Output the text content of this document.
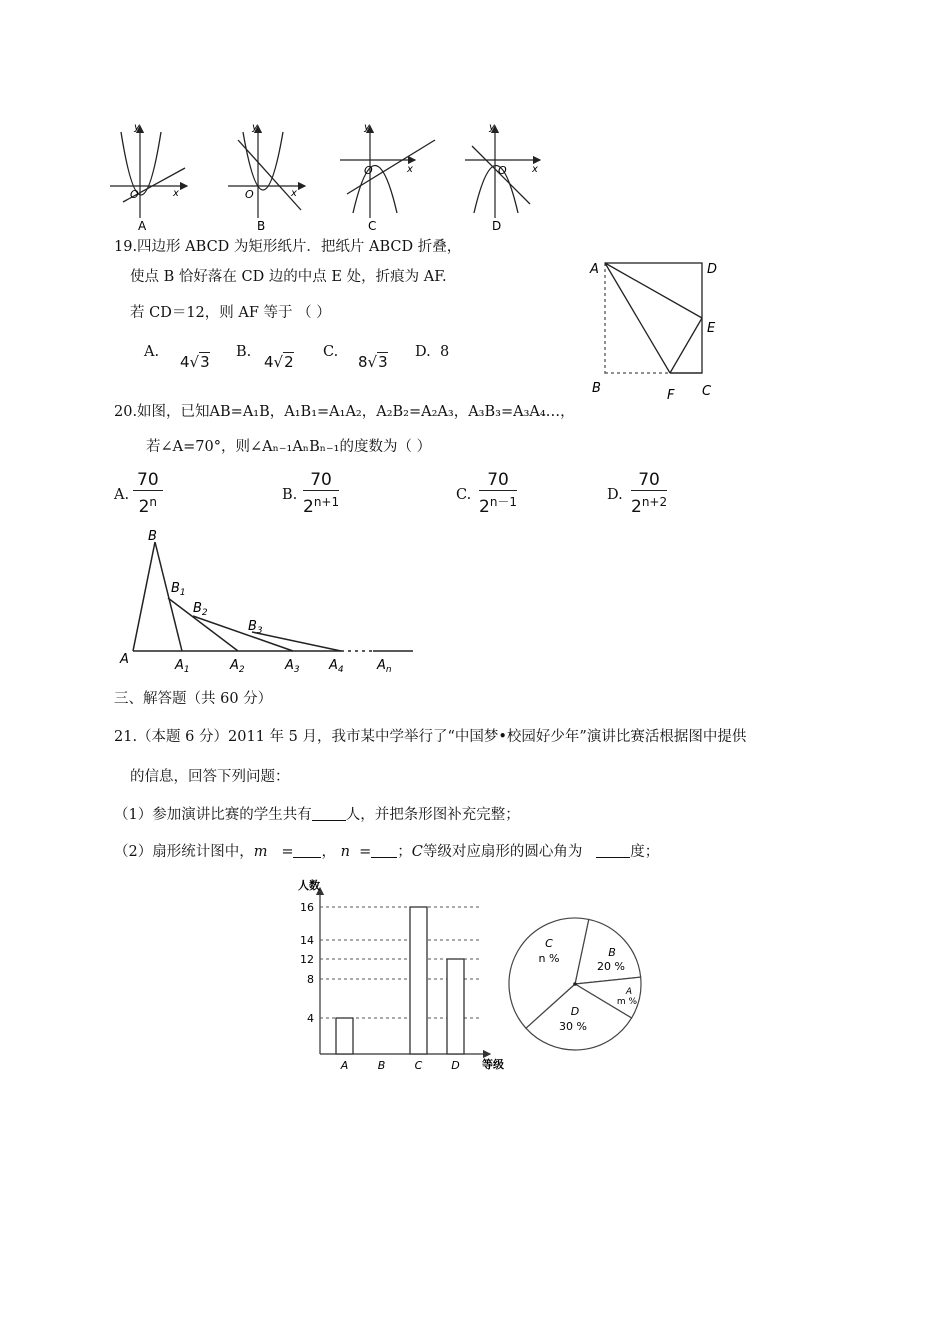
y
x
O
A
y
x
O
B
y
x
O
C
y
x
O
D
19.四边形 ABCD 为矩形纸片．把纸片 ABCD 折叠，
使点 B 恰好落在 CD 边的中点 E 处，折痕为 AF.
若 CD＝12，则 AF 等于 （ ）
A.
4√3
B.
4√2
C.
8√3
D. 8
A	D
E
B	F C
20.如图，已知AB=A₁B，A₁B₁=A₁A₂，A₂B₂=A₂A₃，A₃B₃=A₃A₄…，
若∠A=70°，则∠Aₙ₋₁AₙBₙ₋₁的度数为（ ）
A.
70
2$^n$	B.
70
$2^{n+1}$	C.
70
$2^{n-1}$	D.
70
$2^{n+2}$
B
$B_1$
$B_2$
$B_3$
A	$A_1$	$A_2$	$A_3$ $A_4$	$A_n$
三、解答题（共 60 分）
21.（本题 6 分）2011 年 5 月，我市某中学举行了“中国梦•校园好少年”演讲比赛活根据图中提供
的信息，回答下列问题：
（1）参加演讲比赛的学生共有 人，并把条形图补充完整；
（2）扇形统计图中，m = ， n = ；C等级对应扇形的圆心角为	度；
人数
等级
4
8
12
14
16
A	B	C	D
B
20 %
A
m %
D
30 %
C
n %
